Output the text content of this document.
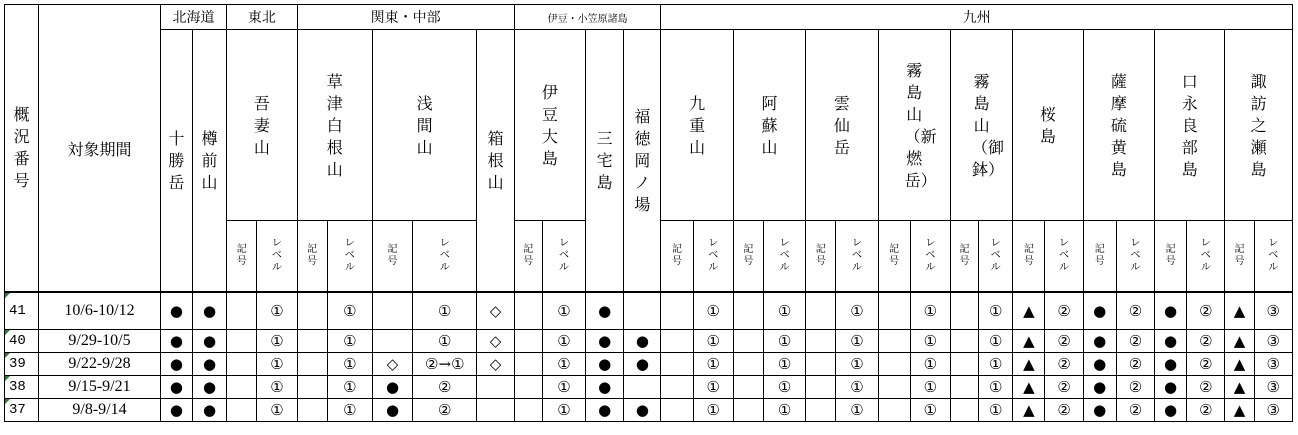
概況番号	対象期間	北海道		東北		関東・中部					伊豆・小笠原諸島				九州																	
		十勝岳	樽前山	吾妻山		草津白根山		浅間山		箱根山	伊豆大島		三宅島	福徳岡ノ場	九重山		阿蘇山		雲仙岳		霧島山（新燃岳）		霧島山（御鉢）		桜島		薩摩硫黄島		口永良部島		諏訪之瀬島	
				記号	レベル	記号	レベル	記号	レベル		記号	レベル			記号	レベル	記号	レベル	記号	レベル	記号	レベル	記号	レベル	記号	レベル	記号	レベル	記号	レベル	記号	レベル
41	10/6-10/12	●	●		①		①		①	◇		①	●			①		①		①		①		①	▲	②	●	②	●	②	▲	③
40	9/29-10/5	●	●		①		①		①	◇		①	●	●		①		①		①		①		①	▲	②	●	②	●	②	▲	③
39	9/22-9/28	●	●		①		①	◇	②→①	◇		①	●	●		①		①		①		①		①	▲	②	●	②	●	②	▲	③
38	9/15-9/21	●	●		①		①	●	②			①	●			①		①		①		①		①	▲	②	●	②	●	②	▲	③
37	9/8-9/14	●	●		①		①	●	②			①	●	●		①		①		①		①		①	▲	②	●	②	●	②	▲	③
